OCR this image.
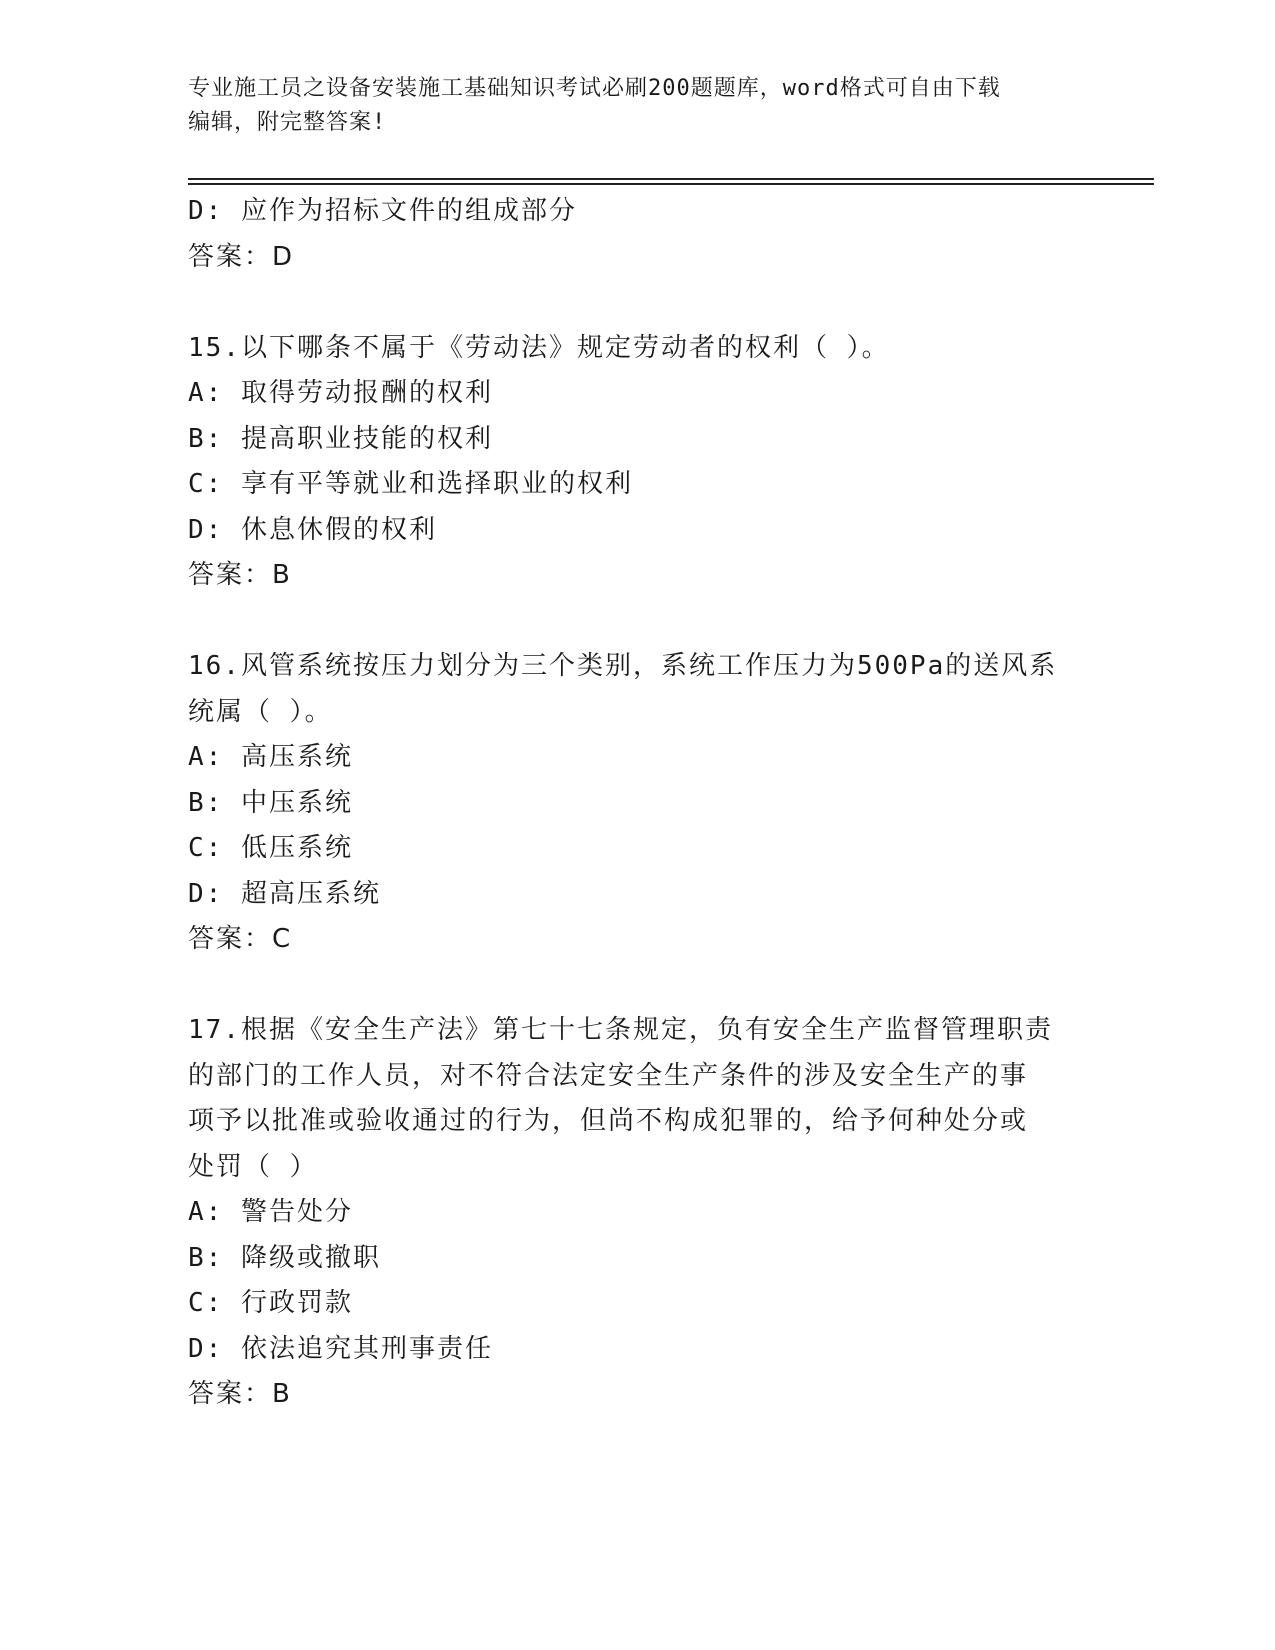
专业施工员之设备安装施工基础知识考试必刷200题题库，word格式可自由下载
编辑，附完整答案!

D: 应作为招标文件的组成部分

答案：D

15.以下哪条不属于《劳动法》规定劳动者的权利（ ）。

A: 取得劳动报酬的权利

B: 提高职业技能的权利

C: 享有平等就业和选择职业的权利

D: 休息休假的权利

答案：B

16.风管系统按压力划分为三个类别，系统工作压力为500Pa的送风系

统属（ ）。

A: 高压系统

B: 中压系统

C: 低压系统

D: 超高压系统

答案：C

17.根据《安全生产法》第七十七条规定，负有安全生产监督管理职责

的部门的工作人员，对不符合法定安全生产条件的涉及安全生产的事

项予以批准或验收通过的行为，但尚不构成犯罪的，给予何种处分或

处罚（ ）

A: 警告处分

B: 降级或撤职

C: 行政罚款

D: 依法追究其刑事责任

答案：B
